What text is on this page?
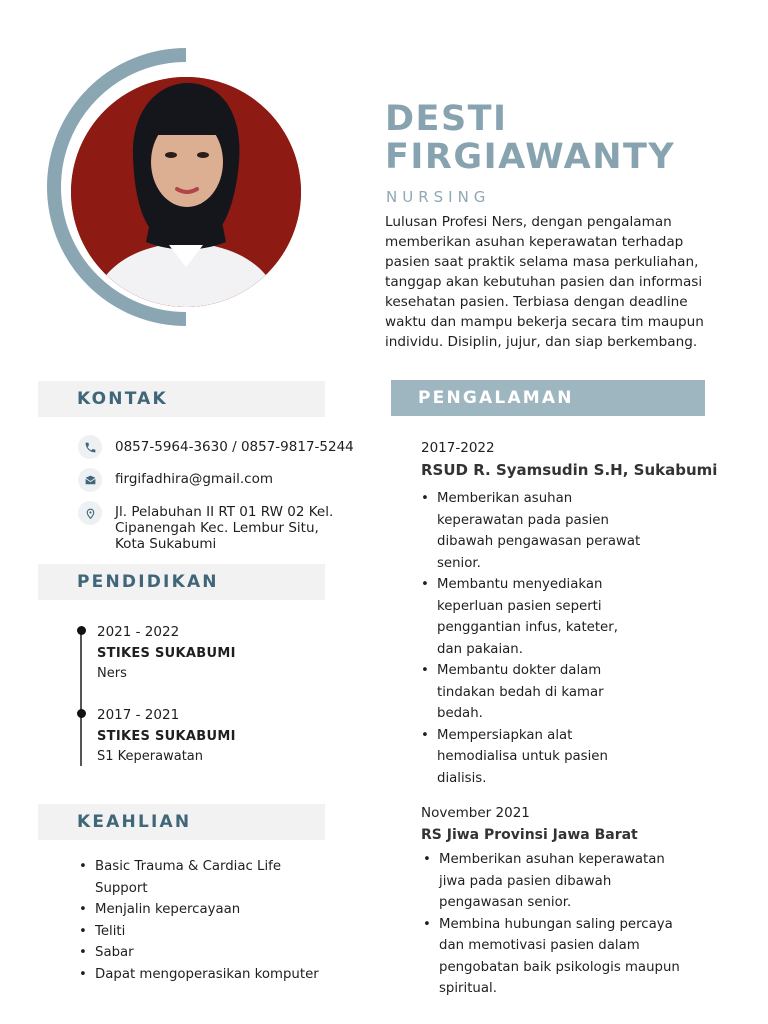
DESTI
FIRGIAWANTY
NURSING
Lulusan Profesi Ners, dengan pengalaman memberikan asuhan keperawatan terhadap pasien saat praktik selama masa perkuliahan, tanggap akan kebutuhan pasien dan informasi kesehatan pasien. Terbiasa dengan deadline waktu dan mampu bekerja secara tim maupun individu. Disiplin, jujur, dan siap berkembang.
KONTAK
0857-5964-3630 / 0857-9817-5244
firgifadhira@gmail.com
Jl. Pelabuhan II RT 01 RW 02 Kel.
Cipanengah Kec. Lembur Situ,
Kota Sukabumi
PENDIDIKAN
2021 - 2022
STIKES SUKABUMI
Ners
2017 - 2021
STIKES SUKABUMI
S1 Keperawatan
KEAHLIAN
• Basic Trauma & Cardiac Life Support
• Menjalin kepercayaan
• Teliti
• Sabar
• Dapat mengoperasikan komputer
PENGALAMAN
2017-2022
RSUD R. Syamsudin S.H, Sukabumi
• Memberikan asuhan keperawatan pada pasien dibawah pengawasan perawat senior.
• Membantu menyediakan keperluan pasien seperti penggantian infus, kateter, dan pakaian.
• Membantu dokter dalam tindakan bedah di kamar bedah.
• Mempersiapkan alat hemodialisa untuk pasien dialisis.
November 2021
RS Jiwa Provinsi Jawa Barat
• Memberikan asuhan keperawatan jiwa pada pasien dibawah pengawasan senior.
• Membina hubungan saling percaya dan memotivasi pasien dalam pengobatan baik psikologis maupun spiritual.
